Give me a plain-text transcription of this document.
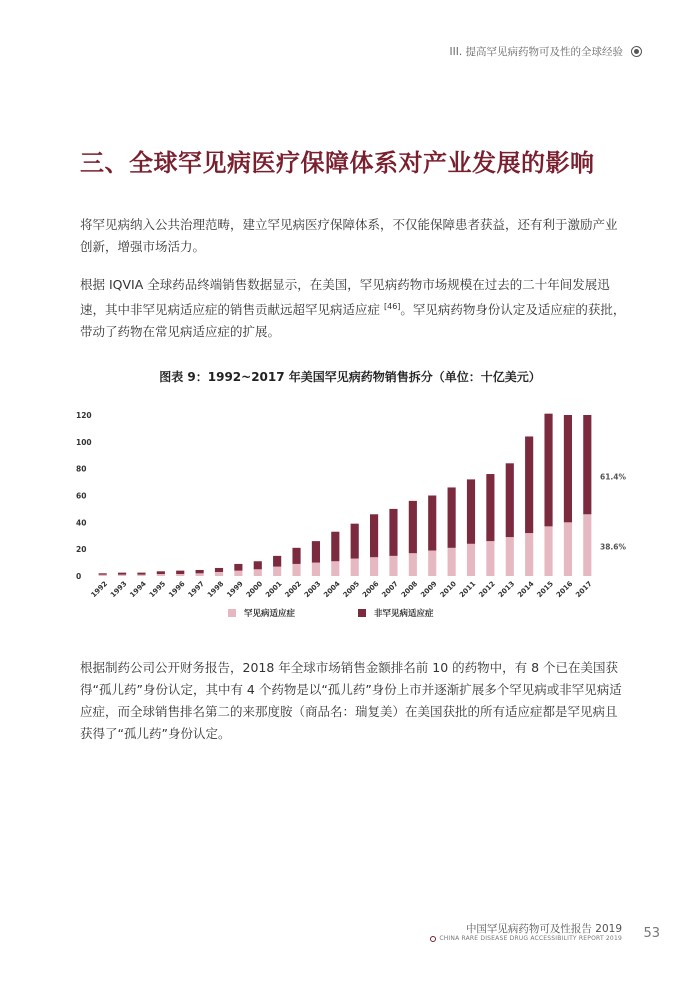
III. 提高罕见病药物可及性的全球经验
三、全球罕见病医疗保障体系对产业发展的影响

将罕见病纳入公共治理范畴，建立罕见病医疗保障体系，不仅能保障患者获益，还有利于激励产业创新，增强市场活力。

根据 IQVIA 全球药品终端销售数据显示，在美国，罕见病药物市场规模在过去的二十年间发展迅速，其中非罕见病适应症的销售贡献远超罕见病适应症 [46]。罕见病药物身份认定及适应症的获批，带动了药物在常见病适应症的扩展。

图表 9：1992~2017 年美国罕见病药物销售拆分（单位：十亿美元）
0
20
40
60
80
100
120
1992 1993 1994 1995 1996 1997 1998 1999 2000 2001 2002 2003 2004 2005 2006 2007 2008 2009 2010 2011 2012 2013 2014 2015 2016 2017
61.4%
38.6%
罕见病适应症	非罕见病适应症

根据制药公司公开财务报告，2018 年全球市场销售金额排名前 10 的药物中，有 8 个已在美国获得“孤儿药”身份认定，其中有 4 个药物是以“孤儿药”身份上市并逐渐扩展多个罕见病或非罕见病适应症，而全球销售排名第二的来那度胺（商品名：瑞复美）在美国获批的所有适应症都是罕见病且获得了“孤儿药”身份认定。

中国罕见病药物可及性报告 2019
CHINA RARE DISEASE DRUG ACCESSIBILITY REPORT 2019 53
